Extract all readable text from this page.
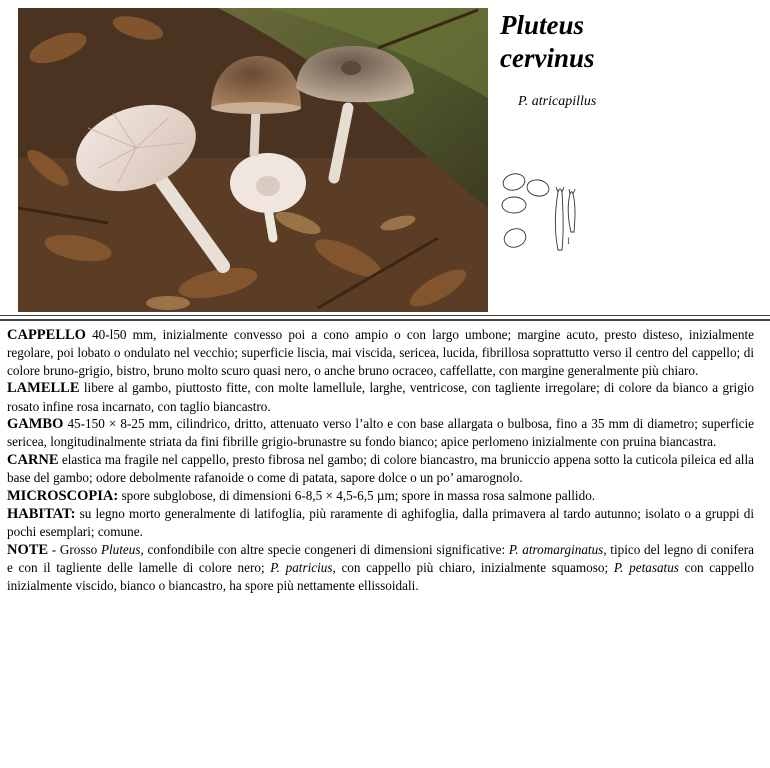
Pluteus
cervinus

P. atricapillus

I

CAPPELLO 40-l50 mm, inizialmente convesso poi a cono ampio o con largo umbone; margine acuto, presto disteso, inizialmente regolare, poi lobato o ondulato nel vecchio; superficie liscia, mai viscida, sericea, lucida, fibrillosa soprattutto verso il centro del cappello; di colore bruno-grigio, bistro, bruno molto scuro quasi nero, o anche bruno ocraceo, caffellatte, con margine generalmente più chiaro.

LAMELLE libere al gambo, piuttosto fitte, con molte lamellule, larghe, ventricose, con tagliente irregolare; di colore da bianco a grigio rosato infine rosa incarnato, con taglio biancastro.

GAMBO 45-150 × 8-25 mm, cilindrico, dritto, attenuato verso l’alto e con base allargata o bulbosa, fino a 35 mm di diametro; superficie sericea, longitudinalmente striata da fini fibrille grigio-brunastre su fondo bianco; apice perlomeno inizialmente con pruina biancastra.

CARNE elastica ma fragile nel cappello, presto fibrosa nel gambo; di colore biancastro, ma bruniccio appena sotto la cuticola pileica ed alla base del gambo; odore debolmente rafanoide o come di patata, sapore dolce o un po’ amarognolo.

MICROSCOPIA: spore subglobose, di dimensioni 6-8,5 × 4,5-6,5 µm; spore in massa rosa salmone pallido.

HABITAT: su legno morto generalmente di latifoglia, più raramente di aghifoglia, dalla primavera al tardo autunno; isolato o a gruppi di pochi esemplari; comune.

NOTE - Grosso Pluteus, confondibile con altre specie congeneri di dimensioni significative: P. atromarginatus, tipico del legno di conifera e con il tagliente delle lamelle di colore nero; P. patricius, con cappello più chiaro, inizialmente squamoso; P. petasatus con cappello inizialmente viscido, bianco o biancastro, ha spore più nettamente ellissoidali.
